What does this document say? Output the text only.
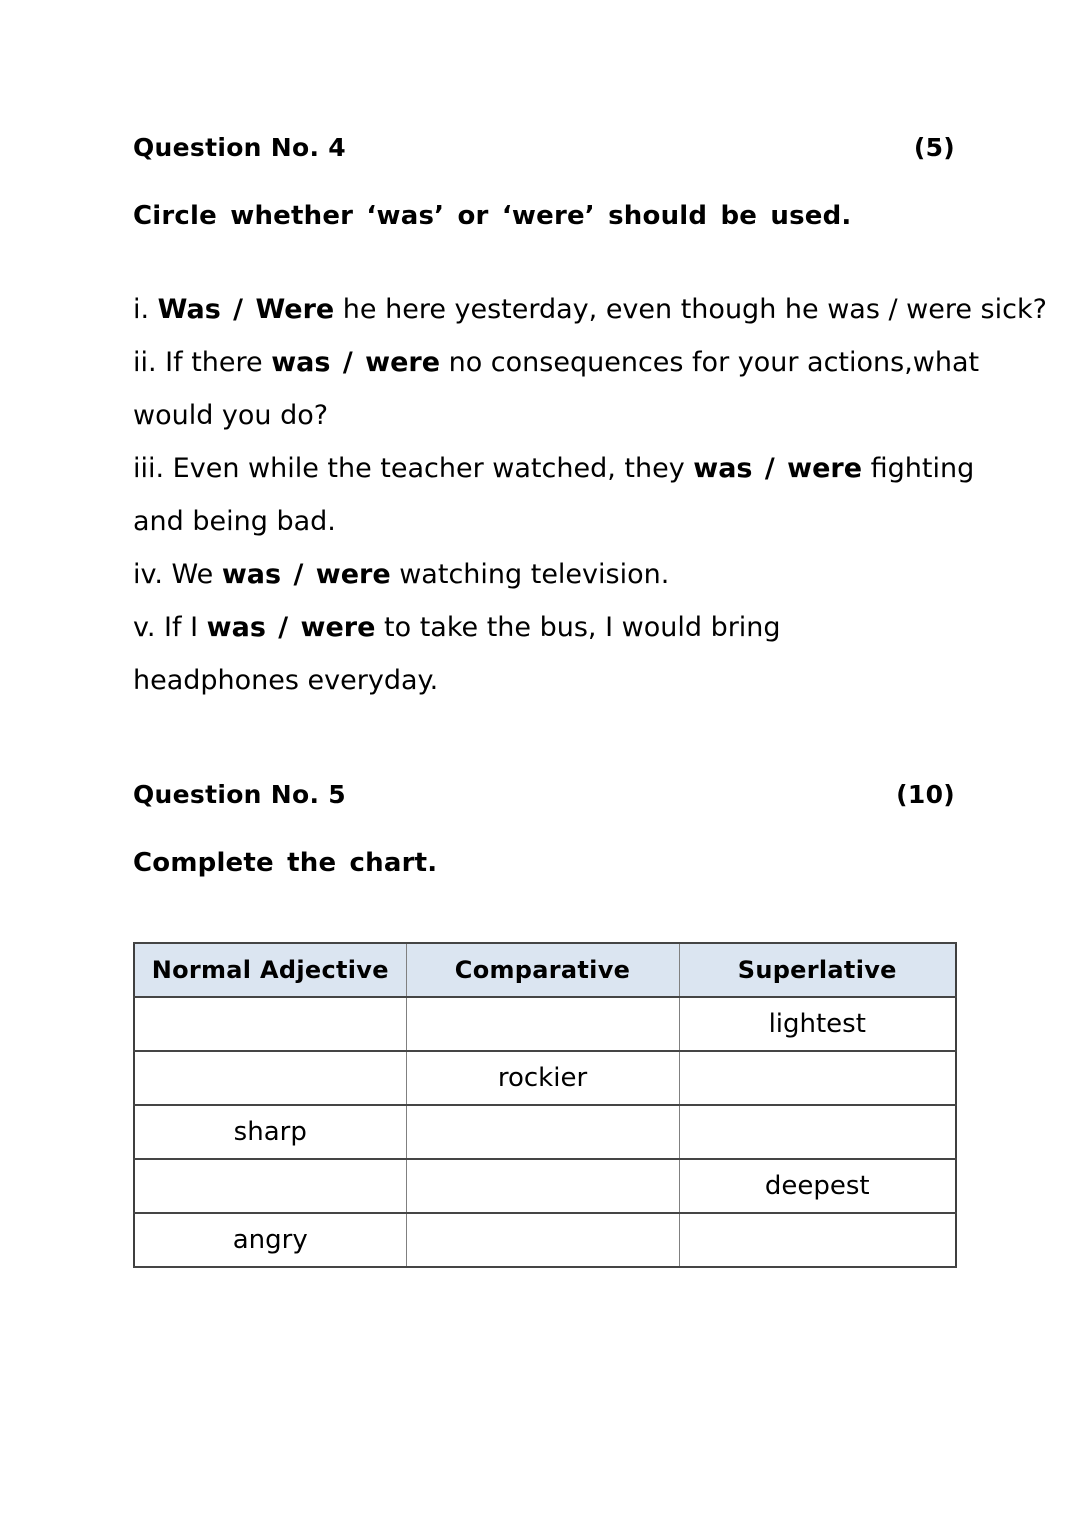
Question No. 4	(5)
Circle whether ‘was’ or ‘were’ should be used.
i. Was / Were he here yesterday, even though he was / were sick?
ii. If there was / were no consequences for your actions,what
would you do?
iii. Even while the teacher watched, they was / were fighting
and being bad.
iv. We was / were watching television.
v. If I was / were to take the bus, I would bring
headphones everyday.
Question No. 5	(10)
Complete the chart.
Normal Adjective	Comparative	Superlative
		lightest
	rockier	
sharp		
		deepest
angry		
